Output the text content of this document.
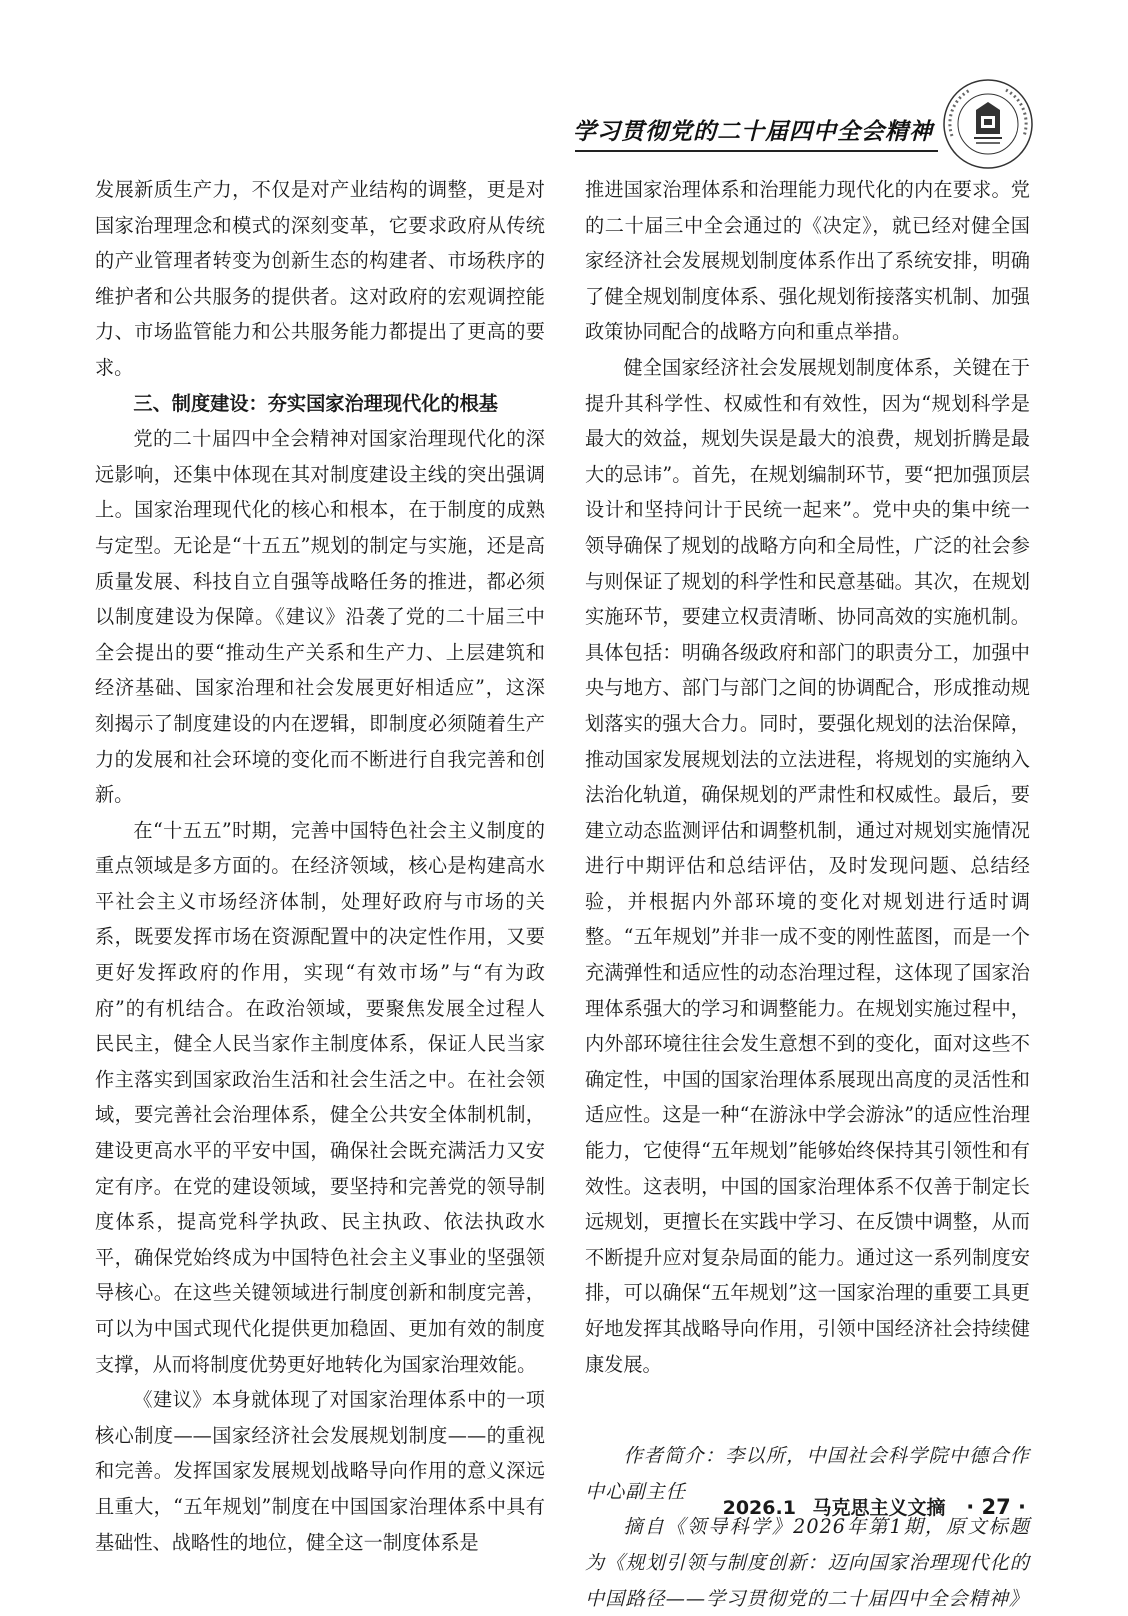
学习贯彻党的二十届四中全会精神

发展新质生产力，不仅是对产业结构的调整，更是对国家治理理念和模式的深刻变革，它要求政府从传统的产业管理者转变为创新生态的构建者、市场秩序的维护者和公共服务的提供者。这对政府的宏观调控能力、市场监管能力和公共服务能力都提出了更高的要求。

三、制度建设：夯实国家治理现代化的根基

党的二十届四中全会精神对国家治理现代化的深远影响，还集中体现在其对制度建设主线的突出强调上。国家治理现代化的核心和根本，在于制度的成熟与定型。无论是“十五五”规划的制定与实施，还是高质量发展、科技自立自强等战略任务的推进，都必须以制度建设为保障。《建议》沿袭了党的二十届三中全会提出的要“推动生产关系和生产力、上层建筑和经济基础、国家治理和社会发展更好相适应”，这深刻揭示了制度建设的内在逻辑，即制度必须随着生产力的发展和社会环境的变化而不断进行自我完善和创新。

在“十五五”时期，完善中国特色社会主义制度的重点领域是多方面的。在经济领域，核心是构建高水平社会主义市场经济体制，处理好政府与市场的关系，既要发挥市场在资源配置中的决定性作用，又要更好发挥政府的作用，实现“有效市场”与“有为政府”的有机结合。在政治领域，要聚焦发展全过程人民民主，健全人民当家作主制度体系，保证人民当家作主落实到国家政治生活和社会生活之中。在社会领域，要完善社会治理体系，健全公共安全体制机制，建设更高水平的平安中国，确保社会既充满活力又安定有序。在党的建设领域，要坚持和完善党的领导制度体系，提高党科学执政、民主执政、依法执政水平，确保党始终成为中国特色社会主义事业的坚强领导核心。在这些关键领域进行制度创新和制度完善，可以为中国式现代化提供更加稳固、更加有效的制度支撑，从而将制度优势更好地转化为国家治理效能。

《建议》本身就体现了对国家治理体系中的一项核心制度——国家经济社会发展规划制度——的重视和完善。发挥国家发展规划战略导向作用的意义深远且重大，“五年规划”制度在中国国家治理体系中具有基础性、战略性的地位，健全这一制度体系是

推进国家治理体系和治理能力现代化的内在要求。党的二十届三中全会通过的《决定》，就已经对健全国家经济社会发展规划制度体系作出了系统安排，明确了健全规划制度体系、强化规划衔接落实机制、加强政策协同配合的战略方向和重点举措。

健全国家经济社会发展规划制度体系，关键在于提升其科学性、权威性和有效性，因为“规划科学是最大的效益，规划失误是最大的浪费，规划折腾是最大的忌讳”。首先，在规划编制环节，要“把加强顶层设计和坚持问计于民统一起来”。党中央的集中统一领导确保了规划的战略方向和全局性，广泛的社会参与则保证了规划的科学性和民意基础。其次，在规划实施环节，要建立权责清晰、协同高效的实施机制。具体包括：明确各级政府和部门的职责分工，加强中央与地方、部门与部门之间的协调配合，形成推动规划落实的强大合力。同时，要强化规划的法治保障，推动国家发展规划法的立法进程，将规划的实施纳入法治化轨道，确保规划的严肃性和权威性。最后，要建立动态监测评估和调整机制，通过对规划实施情况进行中期评估和总结评估，及时发现问题、总结经验，并根据内外部环境的变化对规划进行适时调整。“五年规划”并非一成不变的刚性蓝图，而是一个充满弹性和适应性的动态治理过程，这体现了国家治理体系强大的学习和调整能力。在规划实施过程中，内外部环境往往会发生意想不到的变化，面对这些不确定性，中国的国家治理体系展现出高度的灵活性和适应性。这是一种“在游泳中学会游泳”的适应性治理能力，它使得“五年规划”能够始终保持其引领性和有效性。这表明，中国的国家治理体系不仅善于制定长远规划，更擅长在实践中学习、在反馈中调整，从而不断提升应对复杂局面的能力。通过这一系列制度安排，可以确保“五年规划”这一国家治理的重要工具更好地发挥其战略导向作用，引领中国经济社会持续健康发展。

作者简介：李以所，中国社会科学院中德合作中心副主任

摘自《领导科学》2026年第1期，原文标题为《规划引领与制度创新：迈向国家治理现代化的中国路径——学习贯彻党的二十届四中全会精神》

2026.1 马克思主义文摘 · 27 ·
